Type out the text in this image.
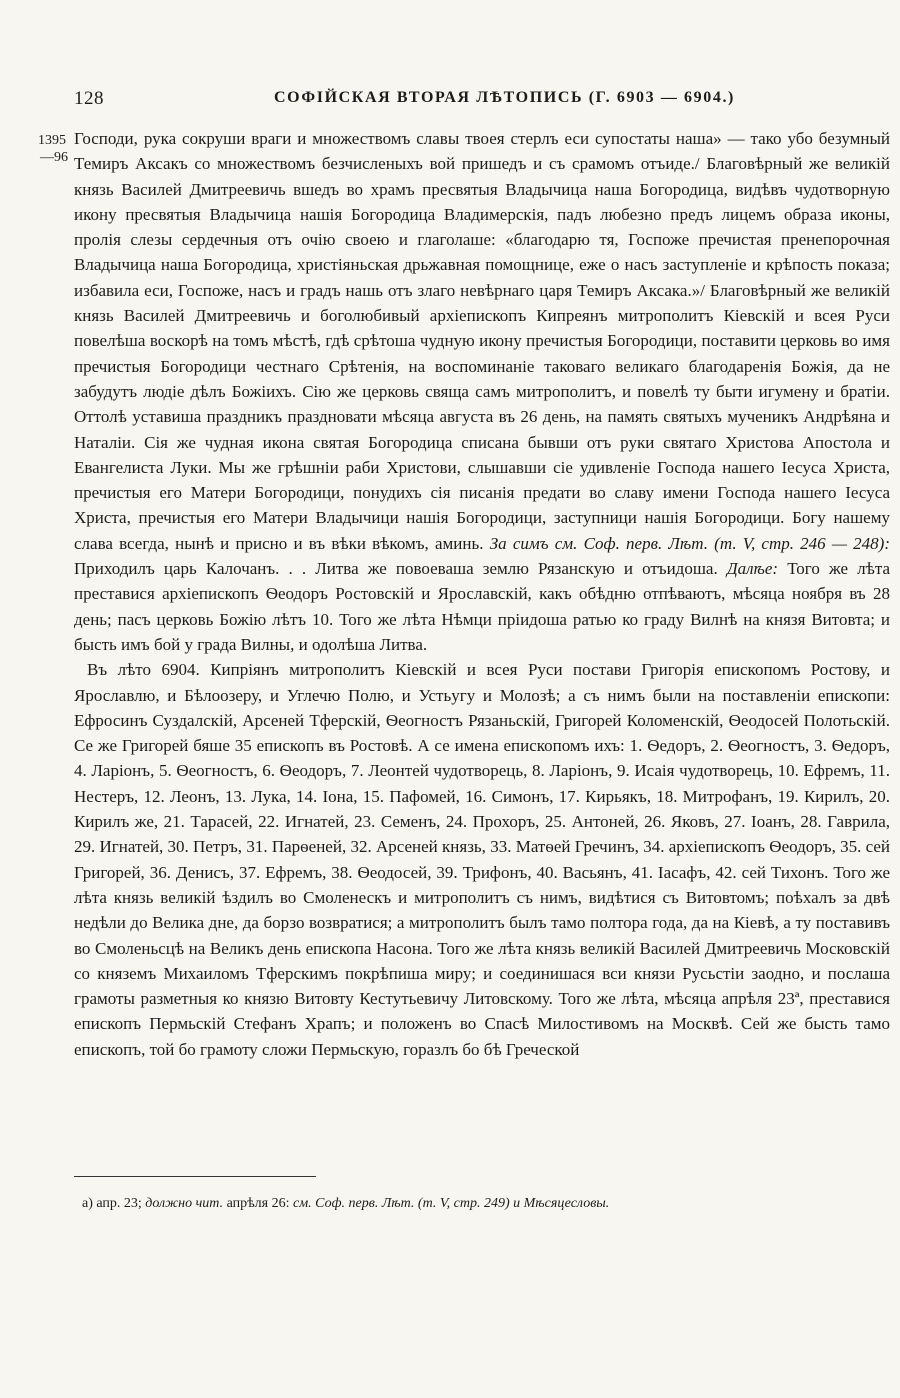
128	СОФІЙСКАЯ ВТОРАЯ ЛѢТОПИСЬ (Г. 6903 — 6904.)
1395
—96

Господи, рука сокруши враги и множествомъ славы твоея стерлъ еси супостаты наша» — тако убо безумный Темиръ Аксакъ со множествомъ безчисленыхъ вой пришедъ и съ срамомъ отъиде./ Благовѣрный же великій князь Василей Дмитреевичь вшедъ во храмъ пресвятыя Владычица наша Богородица, видѣвъ чудотворную икону пресвятыя Владычица нашія Богородица Владимерскія, падъ любезно предъ лицемъ образа иконы, пролія слезы сердечныя отъ очію своею и глаголаше: «благодарю тя, Госпоже пречистая пренепорочная Владычица наша Богородица, христіяньская дрьжавная помощнице, еже о насъ заступленіе и крѣпость показа; избавила еси, Госпоже, насъ и градъ нашь отъ злаго невѣрнаго царя Темиръ Аксака.»/ Благовѣрный же великій князь Василей Дмитреевичь и боголюбивый архіепископъ Кипреянъ митрополитъ Кіевскій и всея Руси повелѣша воскорѣ на томъ мѣстѣ, гдѣ срѣтоша чудную икону пречистыя Богородици, поставити церковь во имя пречистыя Богородици честнаго Срѣтенія, на воспоминаніе таковаго великаго благодаренія Божія, да не забудутъ людіе дѣлъ Божіихъ. Сію же церковь свяща самъ митрополитъ, и повелѣ ту быти игумену и братіи. Оттолѣ уставиша праздникъ праздновати мѣсяца августа въ 26 день, на память святыхъ мученикъ Андрѣяна и Наталіи. Сія же чудная икона святая Богородица списана бывши отъ руки святаго Христова Апостола и Евангелиста Луки. Мы же грѣшніи раби Христови, слышавши сіе удивленіе Господа нашего Іесуса Христа, пречистыя его Матери Богородици, понудихъ сія писанія предати во славу имени Господа нашего Іесуса Христа, пречистыя его Матери Владычици нашія Богородици, заступници нашія Богородици. Богу нашему слава всегда, нынѣ и присно и въ вѣки вѣкомъ, аминь. За симъ см. Соф. перв. Лѣт. (т. V, стр. 246 — 248): Приходилъ царь Калочанъ. . . Литва же повоеваша землю Рязанскую и отъидоша. Далѣе: Того же лѣта преставися архіепископъ Ѳеодоръ Ростовскій и Ярославскій, какъ обѣдню отпѣваютъ, мѣсяца ноября въ 28 день; пасъ церковь Божію лѣтъ 10. Того же лѣта Нѣмци пріидоша ратью ко граду Вилнѣ на князя Витовта; и бысть имъ бой у града Вилны, и одолѣша Литва.

Въ лѣто 6904. Кипріянъ митрополитъ Кіевскій и всея Руси постави Григорія епископомъ Ростову, и Ярославлю, и Бѣлоозеру, и Углечю Полю, и Устьугу и Молозѣ; а съ нимъ были на поставленіи епископи: Ефросинъ Суздалскій, Арсеней Тферскій, Ѳеогностъ Рязаньскій, Григорей Коломенскій, Ѳеодосей Полотьскій. Се же Григорей бяше 35 епископъ въ Ростовѣ. А се имена епископомъ ихъ: 1. Ѳедоръ, 2. Ѳеогностъ, 3. Ѳедоръ, 4. Ларіонъ, 5. Ѳеогностъ, 6. Ѳеодоръ, 7. Леонтей чудотворець, 8. Ларіонъ, 9. Исаія чудотворець, 10. Ефремъ, 11. Нестеръ, 12. Леонъ, 13. Лука, 14. Іона, 15. Пафомей, 16. Симонъ, 17. Кирьякъ, 18. Митрофанъ, 19. Кирилъ, 20. Кирилъ же, 21. Тарасей, 22. Игнатей, 23. Семенъ, 24. Прохоръ, 25. Антоней, 26. Яковъ, 27. Іоанъ, 28. Гаврила, 29. Игнатей, 30. Петръ, 31. Парѳеней, 32. Арсеней князь, 33. Матѳей Гречинъ, 34. архіепископъ Ѳеодоръ, 35. сей Григорей, 36. Денисъ, 37. Ефремъ, 38. Ѳеодосей, 39. Трифонъ, 40. Васьянъ, 41. Іасафъ, 42. сей Тихонъ. Того же лѣта князь великій ѣздилъ во Смоленескъ и митрополитъ съ нимъ, видѣтися съ Витовтомъ; поѣхалъ за двѣ недѣли до Велика дне, да борзо возвратися; а митрополитъ былъ тамо полтора года, да на Кіевѣ, а ту поставивъ во Смоленьсцѣ на Великъ день епископа Насона. Того же лѣта князь великій Василей Дмитреевичь Московскій со княземъ Михаиломъ Тферскимъ покрѣпиша миру; и соединишася вси князи Русьстіи заодно, и послаша грамоты разметныя ко князю Витовту Кестутьевичу Литовскому. Того же лѣта, мѣсяца апрѣля 23ª, преставися епископъ Пермьскій Стефанъ Храпъ; и положенъ во Спасѣ Милостивомъ на Москвѣ. Сей же бысть тамо епископъ, той бо грамоту сложи Пермьскую, горазлъ бо бѣ Греческой

а) апр. 23; должно чит. апрѣля 26: см. Соф. перв. Лѣт. (т. V, стр. 249) и Мѣсяцесловы.
